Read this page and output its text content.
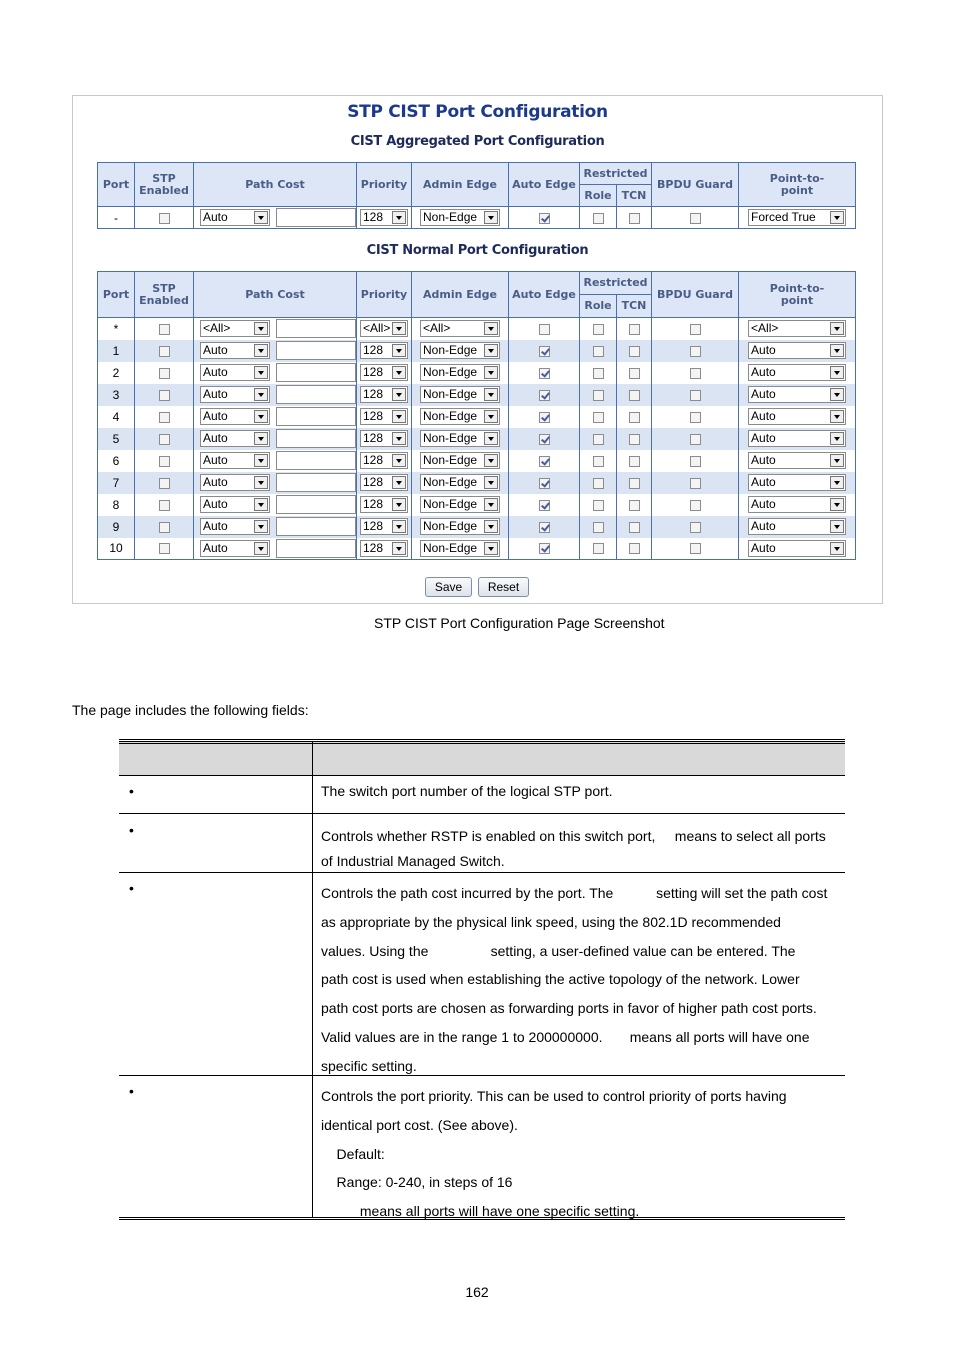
STP CIST Port Configuration
CIST Aggregated Port Configuration
Port	STP Enabled	Path Cost	Priority	Admin Edge	Auto Edge	Restricted		BPDU Guard	Point-to-point
						Role	TCN		
-		Auto	128	Non-Edge					Forced True
CIST Normal Port Configuration
Port	STP Enabled	Path Cost	Priority	Admin Edge	Auto Edge	Restricted		BPDU Guard	Point-to-point
						Role	TCN		
*		<All>	<All>	<All>					<All>

1		Auto	128	Non-Edge					Auto

2		Auto	128	Non-Edge					Auto

3		Auto	128	Non-Edge					Auto

4		Auto	128	Non-Edge					Auto

5		Auto	128	Non-Edge					Auto

6		Auto	128	Non-Edge					Auto

7		Auto	128	Non-Edge					Auto

8		Auto	128	Non-Edge					Auto

9		Auto	128	Non-Edge					Auto

10		Auto	128	Non-Edge					Auto
Save	Reset
STP CIST Port Configuration Page Screenshot
The page includes the following fields:
•	The switch port number of the logical STP port.
•	Controls whether RSTP is enabled on this switch port,     means to select all ports
of Industrial Managed Switch.
•	Controls the path cost incurred by the port. The           setting will set the path cost
as appropriate by the physical link speed, using the 802.1D recommended
values. Using the                setting, a user-defined value can be entered. The
path cost is used when establishing the active topology of the network. Lower
path cost ports are chosen as forwarding ports in favor of higher path cost ports.
Valid values are in the range 1 to 200000000.       means all ports will have one
specific setting.
•	Controls the port priority. This can be used to control priority of ports having
identical port cost. (See above).
Default:
Range: 0-240, in steps of 16
means all ports will have one specific setting.
162
